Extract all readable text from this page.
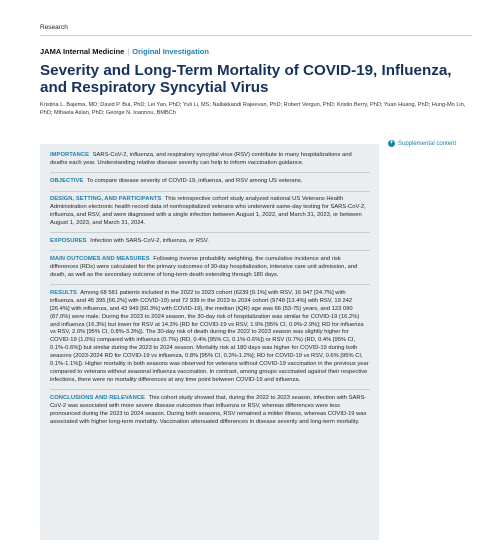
Research
JAMA Internal Medicine | Original Investigation
Severity and Long-Term Mortality of COVID-19, Influenza, and Respiratory Syncytial Virus
Kristina L. Bajema, MD; David P. Bui, PhD; Lei Yan, PhD; Yuli Li, MS; Nallakkandi Rajeevan, PhD; Robert Vergun, PhD; Kristin Berry, PhD; Yuan Huang, PhD; Hung-Mo Lin, PhD; Mihaela Aslan, PhD; George N. Ioannou, BMBCh
+ Supplemental content

IMPORTANCE SARS-CoV-2, influenza, and respiratory syncytial virus (RSV) contribute to many hospitalizations and deaths each year. Understanding relative disease severity can help to inform vaccination guidance.

OBJECTIVE To compare disease severity of COVID-19, influenza, and RSV among US veterans.

DESIGN, SETTING, AND PARTICIPANTS This retrospective cohort study analyzed national US Veterans Health Administration electronic health record data of nonhospitalized veterans who underwent same-day testing for SARS-CoV-2, influenza, and RSV, and were diagnosed with a single infection between August 1, 2022, and March 31, 2023, or between August 1, 2023, and March 31, 2024.

EXPOSURES Infection with SARS-CoV-2, influenza, or RSV.

MAIN OUTCOMES AND MEASURES Following inverse probability weighting, the cumulative incidence and risk differences (RDs) were calculated for the primary outcomes of 30-day hospitalization, intensive care unit admission, and death, as well as the secondary outcome of long-term death extending through 180 days.

RESULTS Among 68 581 patients included in the 2022 to 2023 cohort (6239 [9.1%] with RSV, 16 947 [24.7%] with influenza, and 45 395 [66.2%] with COVID-19) and 72 939 in the 2023 to 2024 cohort (9748 [13.4%] with RSV, 19 242 [26.4%] with influenza, and 43 949 [60.3%] with COVID-19), the median (IQR) age was 66 (53-75) years, and 123 090 (87.0%) were male. During the 2023 to 2024 season, the 30-day risk of hospitalization was similar for COVID-19 (16.2%) and influenza (16.3%) but lower for RSV at 14.3% (RD for COVID-19 vs RSV, 1.9% [95% CI, 0.9%-2.9%]; RD for influenza vs RSV, 2.0% [95% CI, 0.8%-3.3%]). The 30-day risk of death during the 2022 to 2023 season was slightly higher for COVID-19 (1.0%) compared with influenza (0.7%) (RD, 0.4% [95% CI, 0.1%-0.6%]) or RSV (0.7%) (RD, 0.4% [95% CI, 0.1%-0.6%]) but similar during the 2023 to 2024 season. Mortality risk at 180 days was higher for COVID-19 during both seasons (2023-2024 RD for COVID-19 vs influenza, 0.8% [95% CI, 0.3%-1.2%]; RD for COVID-19 vs RSV, 0.6% [95% CI, 0.1%-1.1%]). Higher mortality in both seasons was observed for veterans without COVID-19 vaccination in the previous year compared to veterans without seasonal influenza vaccination. In contrast, among groups vaccinated against their respective infections, there were no mortality differences at any time point between COVID-19 and influenza.

CONCLUSIONS AND RELEVANCE This cohort study showed that, during the 2022 to 2023 season, infection with SARS-CoV-2 was associated with more severe disease outcomes than influenza or RSV, whereas differences were less pronounced during the 2023 to 2024 season. During both seasons, RSV remained a milder illness, whereas COVID-19 was associated with higher long-term mortality. Vaccination attenuated differences in disease severity and long-term mortality.
